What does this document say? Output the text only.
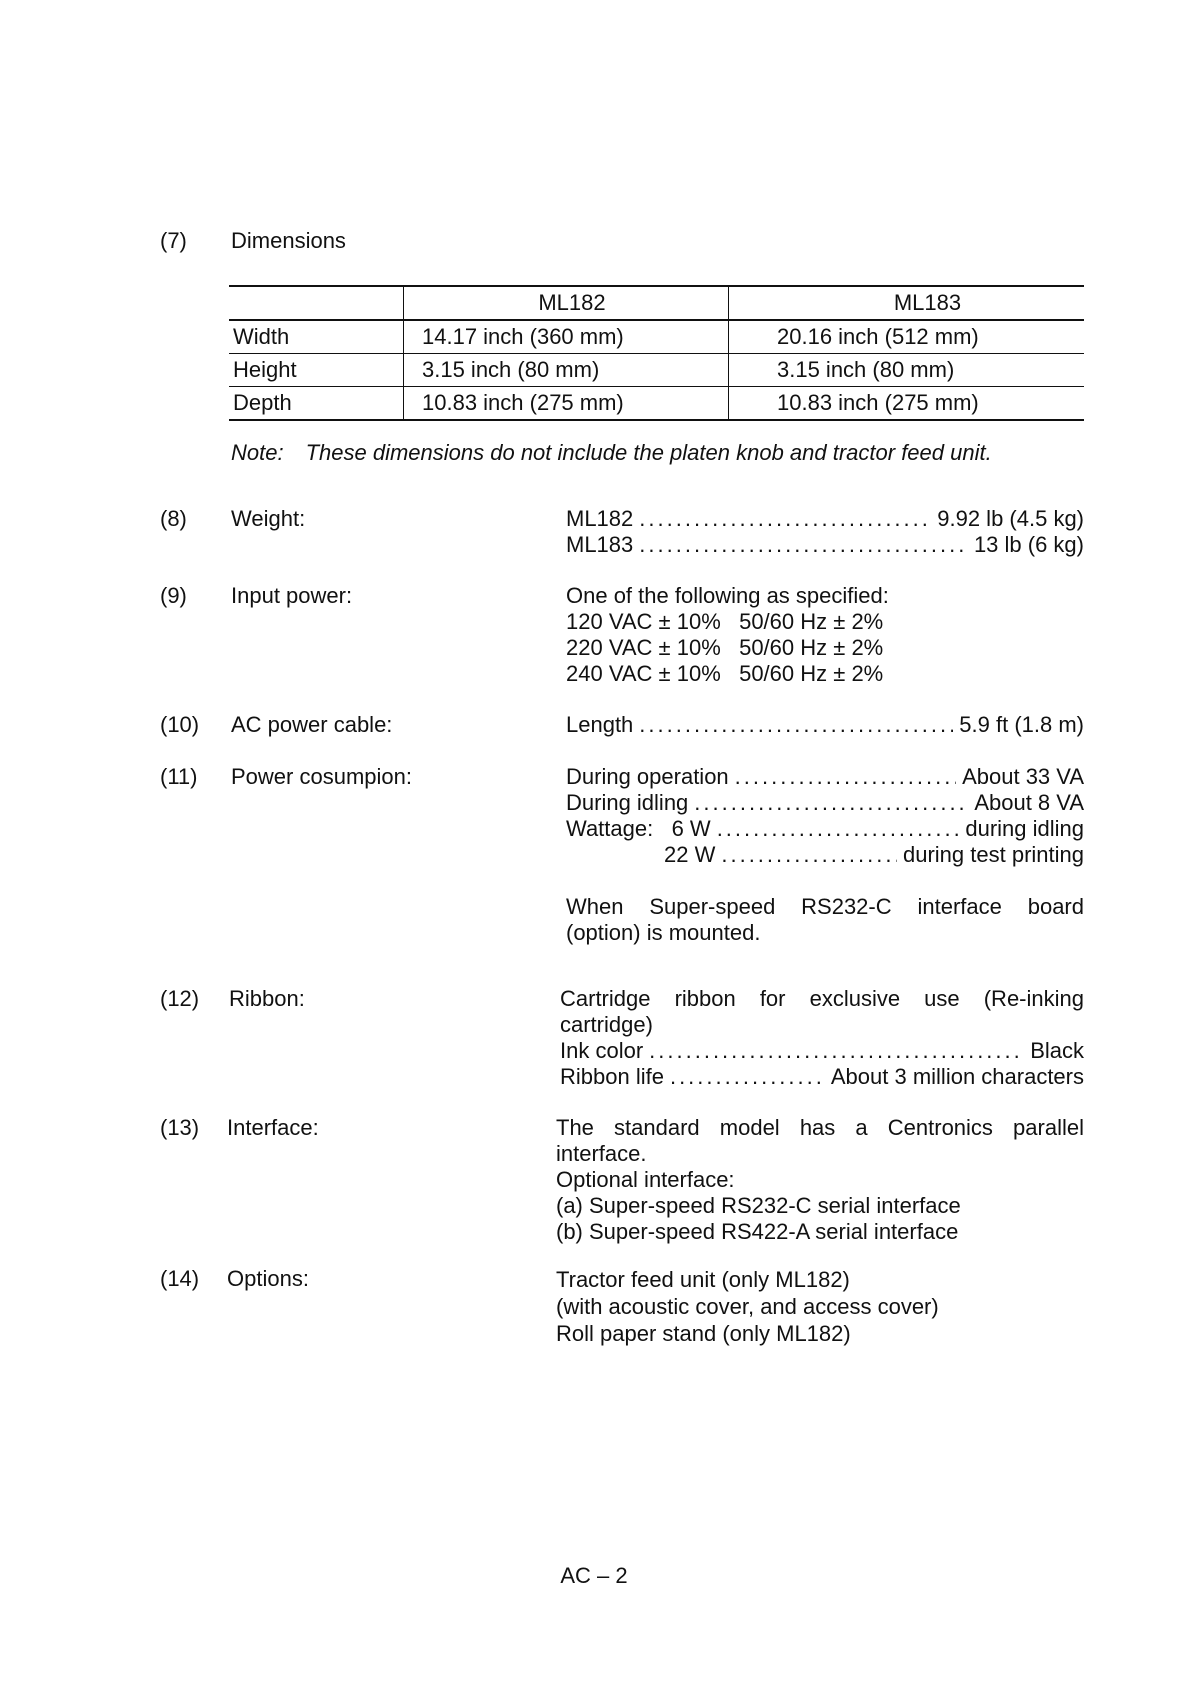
(7) Dimensions
	ML182	ML183
Width	14.17 inch (360 mm)	20.16 inch (512 mm)
Height	3.15 inch (80 mm)	3.15 inch (80 mm)
Depth	10.83 inch (275 mm)	10.83 inch (275 mm)
Note: These dimensions do not include the platen knob and tractor feed unit.
(8) Weight:	ML182 .....	9.92 lb (4.5 kg)
ML183 .....	13 lb (6 kg)
(9) Input power:	One of the following as specified:
120 VAC ± 10%   50/60 Hz ± 2%
220 VAC ± 10%   50/60 Hz ± 2%
240 VAC ± 10%   50/60 Hz ± 2%
(10) AC power cable:	Length .....	5.9 ft (1.8 m)
(11) Power cosumpion:	During operation .....	About 33 VA
During idling .....	About 8 VA
Wattage:   6 W .....	during idling
22 W .....	during test printing
When Super-speed RS232-C interface board (option) is mounted.
(12) Ribbon:	Cartridge ribbon for exclusive use (Re-inking cartridge)
Ink color .....	Black
Ribbon life .....	About 3 million characters
(13) Interface:	The standard model has a Centronics parallel interface.
Optional interface:
(a) Super-speed RS232-C serial interface
(b) Super-speed RS422-A serial interface
(14) Options:	Tractor feed unit (only ML182)
(with acoustic cover, and access cover)
Roll paper stand (only ML182)
AC – 2
